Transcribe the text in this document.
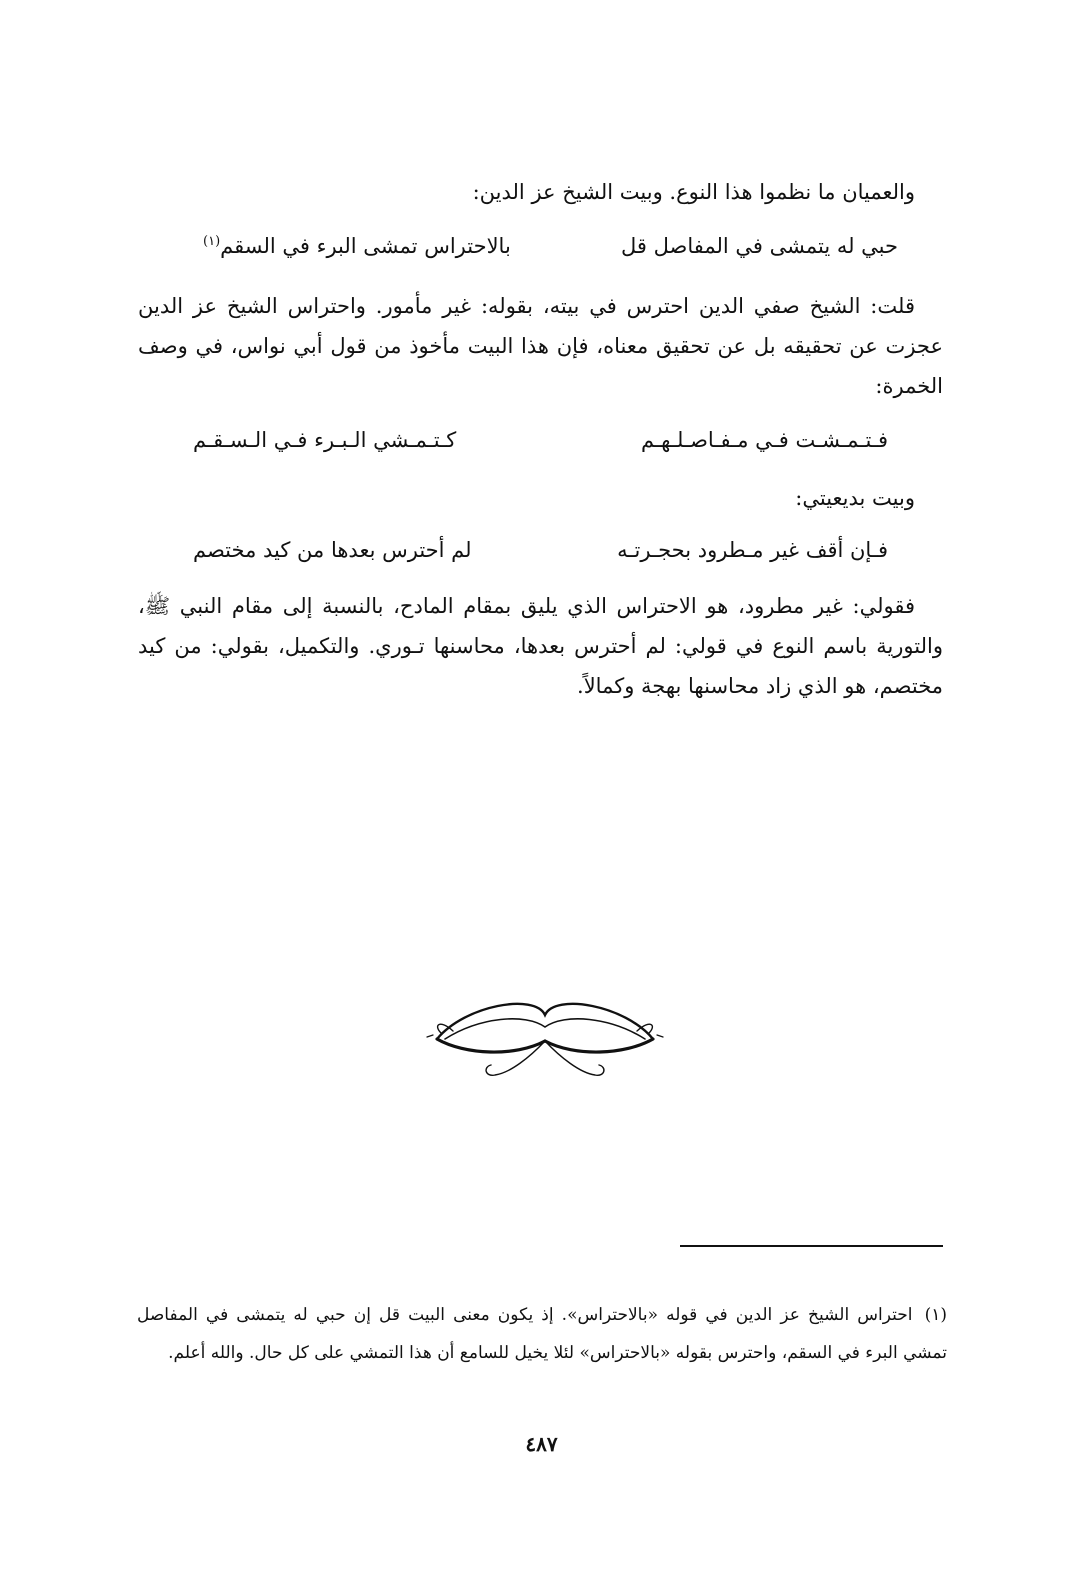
والعميان ما نظموا هذا النوع. وبيت الشيخ عز الدين:
حبي له يتمشى في المفاصل قل
بالاحتراس تمشى البرء في السقم$^{(١)}$
قلت: الشيخ صفي الدين احترس في بيته، بقوله: غير مأمور. واحتراس الشيخ عز الدين عجزت عن تحقيقه بل عن تحقيق معناه، فإن هذا البيت مأخوذ من قول أبي نواس، في وصف الخمرة:
فـتـمـشـت فـي مـفـاصـلـهـم
كـتـمـشي الـبـرء فـي الـسـقـم
وبيت بديعيتي:
فـإن أقف غير مـطرود بحجـرتـه
لم أحترس بعدها من كيد مختصم
فقولي: غير مطرود، هو الاحتراس الذي يليق بمقام المادح، بالنسبة إلى مقام النبي ﷺ، والتورية باسم النوع في قولي: لم أحترس بعدها، محاسنها تـوري. والتكميل، بقولي: من كيد مختصم، هو الذي زاد محاسنها بهجة وكمالاً.
(١) احتراس الشيخ عز الدين في قوله «بالاحتراس». إذ يكون معنى البيت قل إن حبي له يتمشى في المفاصل تمشي البرء في السقم، واحترس بقوله «بالاحتراس» لئلا يخيل للسامع أن هذا التمشي على كل حال. والله أعلم.
٤٨٧
